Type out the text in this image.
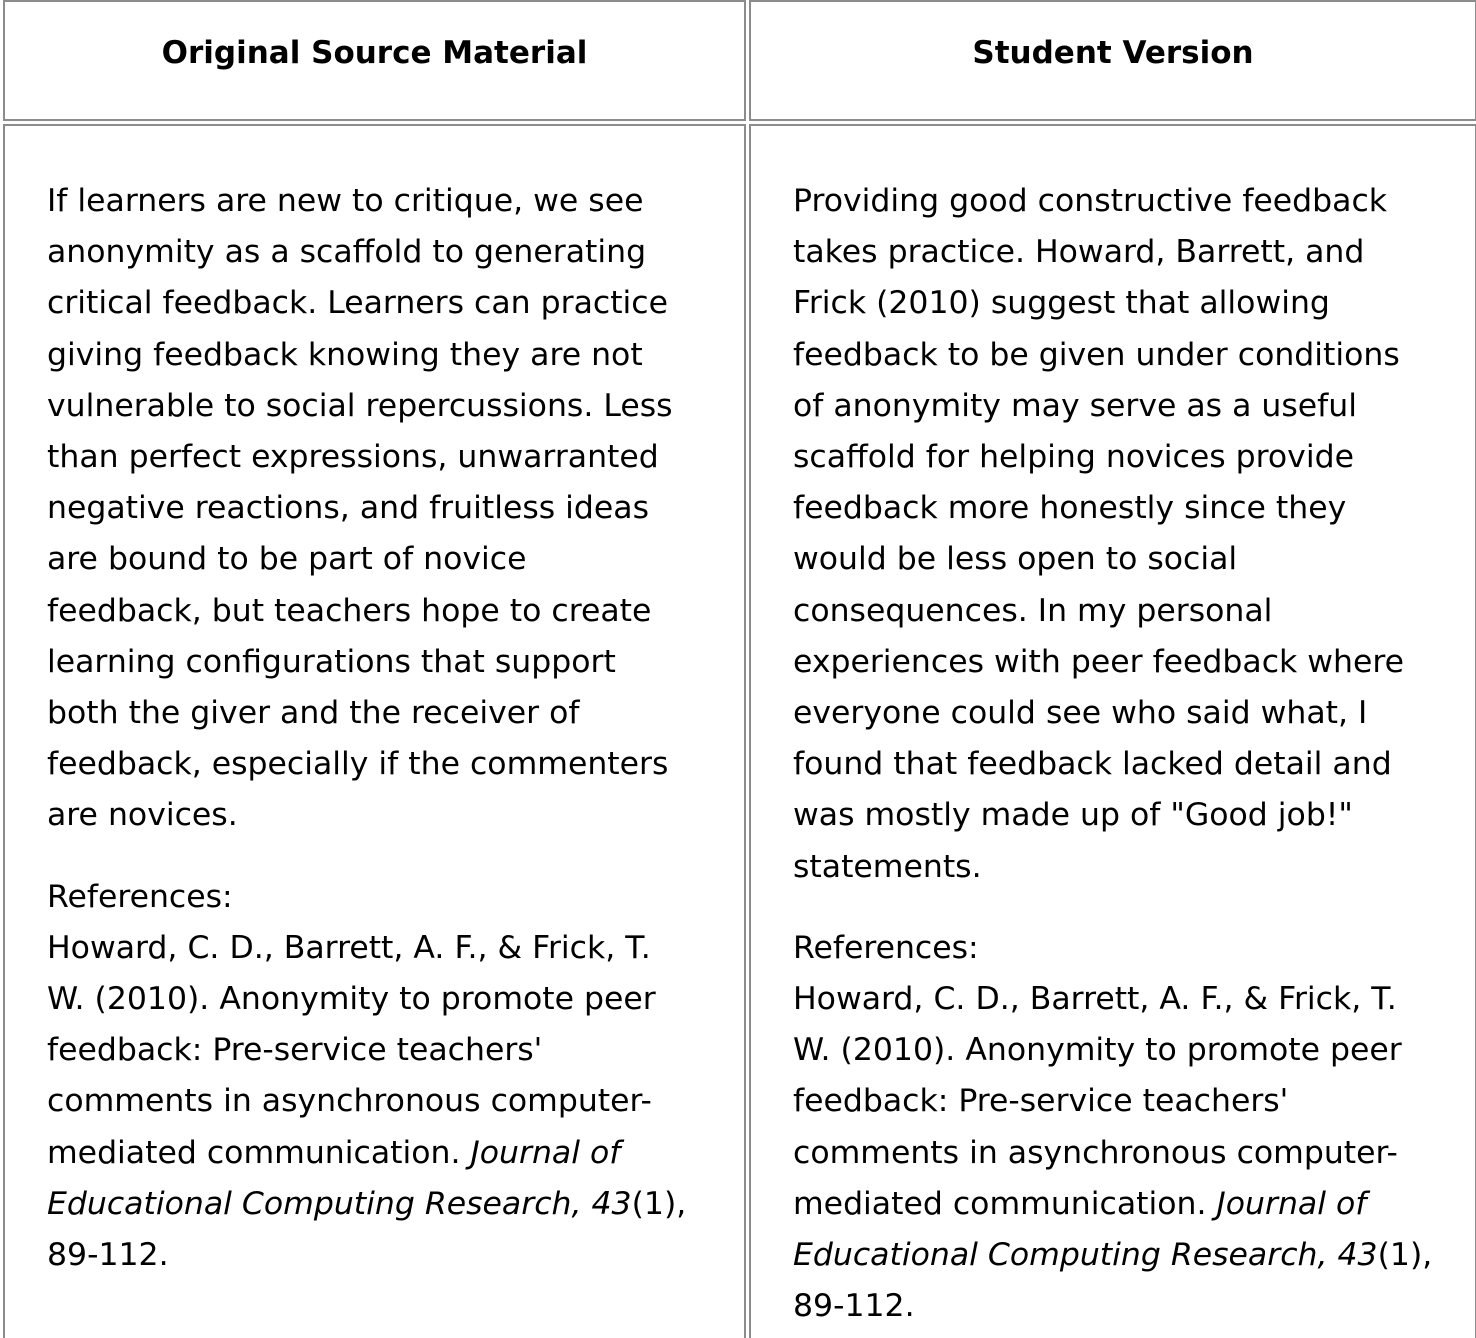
Original Source Material	Student Version

If learners are new to critique, we see anonymity as a scaffold to generating critical feedback. Learners can practice giving feedback knowing they are not vulnerable to social repercussions. Less than perfect expressions, unwarranted negative reactions, and fruitless ideas are bound to be part of novice feedback, but teachers hope to create learning configurations that support both the giver and the receiver of feedback, especially if the commenters are novices.

References:
Howard, C. D., Barrett, A. F., & Frick, T. W. (2010). Anonymity to promote peer feedback: Pre-service teachers' comments in asynchronous computer-mediated communication. Journal of Educational Computing Research, 43(1), 89-112.

Providing good constructive feedback takes practice. Howard, Barrett, and Frick (2010) suggest that allowing feedback to be given under conditions of anonymity may serve as a useful scaffold for helping novices provide feedback more honestly since they would be less open to social consequences. In my personal experiences with peer feedback where everyone could see who said what, I found that feedback lacked detail and was mostly made up of "Good job!" statements.

References:
Howard, C. D., Barrett, A. F., & Frick, T. W. (2010). Anonymity to promote peer feedback: Pre-service teachers' comments in asynchronous computer-mediated communication. Journal of Educational Computing Research, 43(1), 89-112.
